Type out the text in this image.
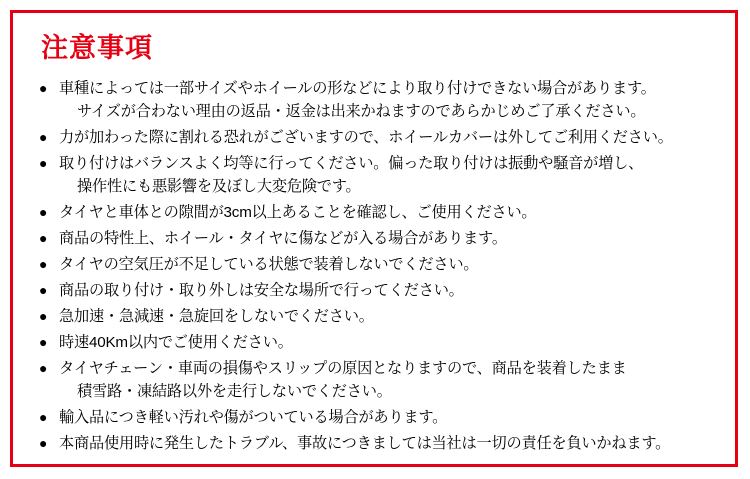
注意事項
● 車種によっては一部サイズやホイールの形などにより取り付けできない場合があります。
サイズが合わない理由の返品・返金は出来かねますのであらかじめご了承ください。
● 力が加わった際に割れる恐れがございますので、ホイールカバーは外してご利用ください。
● 取り付けはバランスよく均等に行ってください。偏った取り付けは振動や騒音が増し、
操作性にも悪影響を及ぼし大変危険です。
● タイヤと車体との隙間が3cm以上あることを確認し、ご使用ください。
● 商品の特性上、ホイール・タイヤに傷などが入る場合があります。
● タイヤの空気圧が不足している状態で装着しないでください。
● 商品の取り付け・取り外しは安全な場所で行ってください。
● 急加速・急減速・急旋回をしないでください。
● 時速40Km以内でご使用ください。
● タイヤチェーン・車両の損傷やスリップの原因となりますので、商品を装着したまま
積雪路・凍結路以外を走行しないでください。
● 輸入品につき軽い汚れや傷がついている場合があります。
● 本商品使用時に発生したトラブル、事故につきましては当社は一切の責任を負いかねます。
